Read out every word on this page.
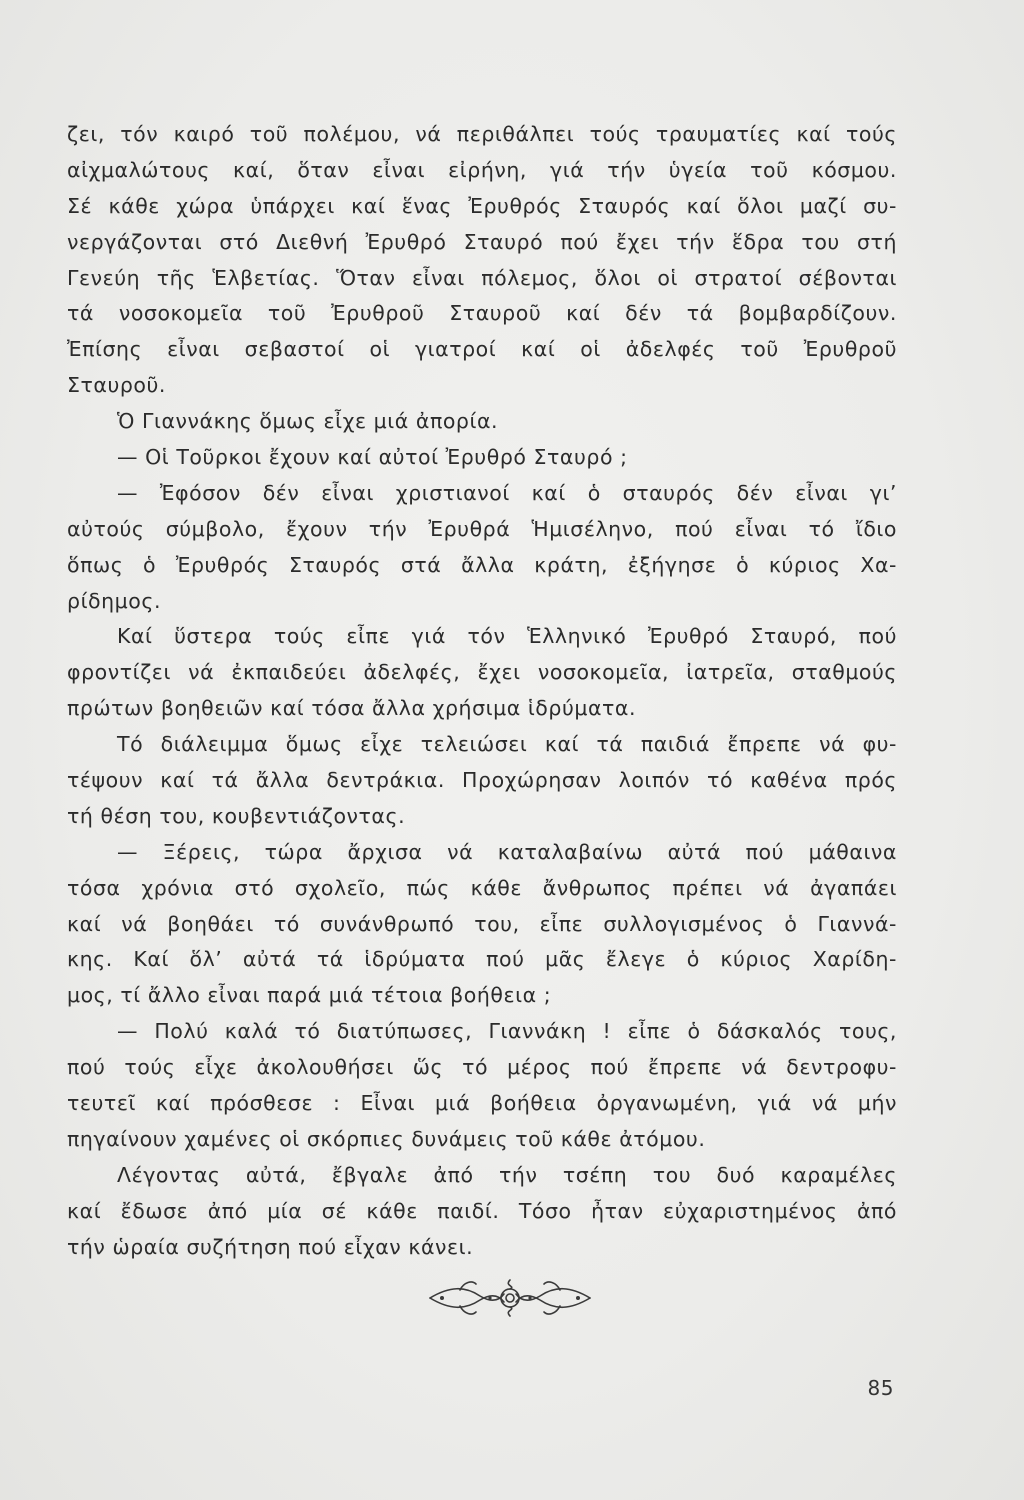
ζει, τόν καιρό τοῦ πολέμου, νά περιθάλπει τούς τραυματίες καί τούς
αἰχμαλώτους καί, ὅταν εἶναι εἰρήνη, γιά τήν ὑγεία τοῦ κόσμου.
Σέ κάθε χώρα ὑπάρχει καί ἕνας Ἐρυθρός Σταυρός καί ὅλοι μαζί συ-
νεργάζονται στό Διεθνή Ἐρυθρό Σταυρό πού ἔχει τήν ἕδρα του στή
Γενεύη τῆς Ἑλβετίας. Ὅταν εἶναι πόλεμος, ὅλοι οἱ στρατοί σέβονται
τά νοσοκομεῖα τοῦ Ἐρυθροῦ Σταυροῦ καί δέν τά βομβαρδίζουν.
Ἐπίσης εἶναι σεβαστοί οἱ γιατροί καί οἱ ἀδελφές τοῦ Ἐρυθροῦ
Σταυροῦ.
Ὁ Γιαννάκης ὅμως εἶχε μιά ἀπορία.
— Οἱ Τοῦρκοι ἔχουν καί αὐτοί Ἐρυθρό Σταυρό ;
— Ἐφόσον δέν εἶναι χριστιανοί καί ὁ σταυρός δέν εἶναι γι’
αὐτούς σύμβολο, ἔχουν τήν Ἐρυθρά Ἡμισέληνο, πού εἶναι τό ἴδιο
ὅπως ὁ Ἐρυθρός Σταυρός στά ἄλλα κράτη, ἐξήγησε ὁ κύριος Χα-
ρίδημος.
Καί ὕστερα τούς εἶπε γιά τόν Ἑλληνικό Ἐρυθρό Σταυρό, πού
φροντίζει νά ἐκπαιδεύει ἀδελφές, ἔχει νοσοκομεῖα, ἰατρεῖα, σταθμούς
πρώτων βοηθειῶν καί τόσα ἄλλα χρήσιμα ἱδρύματα.
Τό διάλειμμα ὅμως εἶχε τελειώσει καί τά παιδιά ἔπρεπε νά φυ-
τέψουν καί τά ἄλλα δεντράκια. Προχώρησαν λοιπόν τό καθένα πρός
τή θέση του, κουβεντιάζοντας.
— Ξέρεις, τώρα ἄρχισα νά καταλαβαίνω αὐτά πού μάθαινα
τόσα χρόνια στό σχολεῖο, πώς κάθε ἄνθρωπος πρέπει νά ἀγαπάει
καί νά βοηθάει τό συνάνθρωπό του, εἶπε συλλογισμένος ὁ Γιαννά-
κης. Καί ὅλ’ αὐτά τά ἱδρύματα πού μᾶς ἔλεγε ὁ κύριος Χαρίδη-
μος, τί ἄλλο εἶναι παρά μιά τέτοια βοήθεια ;
— Πολύ καλά τό διατύπωσες, Γιαννάκη ! εἶπε ὁ δάσκαλός τους,
πού τούς εἶχε ἀκολουθήσει ὥς τό μέρος πού ἔπρεπε νά δεντροφυ-
τευτεῖ καί πρόσθεσε : Εἶναι μιά βοήθεια ὀργανωμένη, γιά νά μήν
πηγαίνουν χαμένες οἱ σκόρπιες δυνάμεις τοῦ κάθε ἀτόμου.
Λέγοντας αὐτά, ἔβγαλε ἀπό τήν τσέπη του δυό καραμέλες
καί ἔδωσε ἀπό μία σέ κάθε παιδί. Τόσο ἦταν εὐχαριστημένος ἀπό
τήν ὡραία συζήτηση πού εἶχαν κάνει.
85
